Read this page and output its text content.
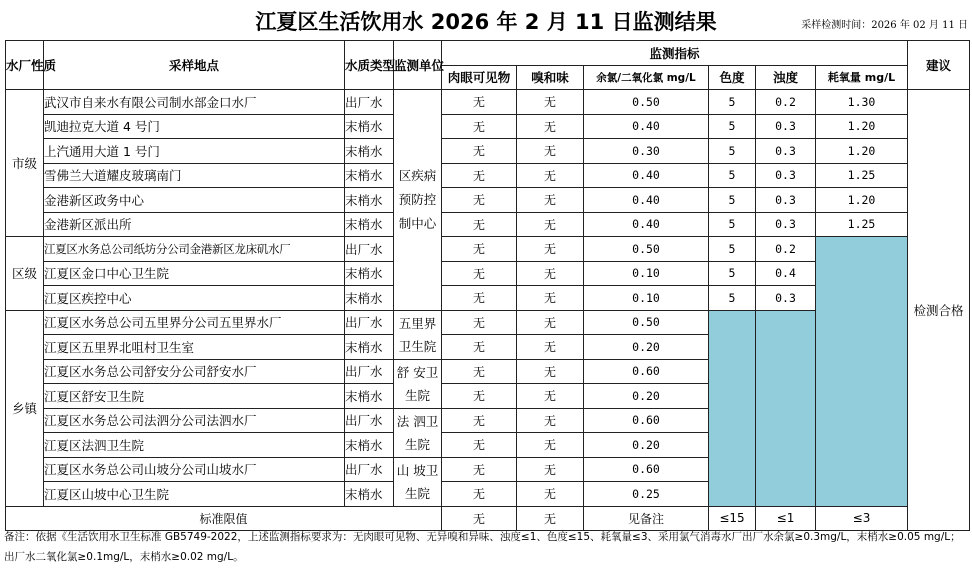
江夏区生活饮用水 2026 年 2 月 11 日监测结果	采样检测时间：2026 年 02 月 11 日
水厂性质	采样地点	水质类型	监测单位	监测指标						建议
				肉眼可见物	嗅和味	余氯/二氧化氯 mg/L	色度	浊度	耗氧量 mg/L	
市级	武汉市自来水有限公司制水部金口水厂	出厂水	区疾病预防控制中心	无	无	0.50	5	0.2	1.30	检测合格
	凯迪拉克大道 4 号门	末梢水		无	无	0.40	5	0.3	1.20	
	上汽通用大道 1 号门	末梢水		无	无	0.30	5	0.3	1.20	
	雪佛兰大道耀皮玻璃南门	末梢水		无	无	0.40	5	0.3	1.25	
	金港新区政务中心	末梢水		无	无	0.40	5	0.3	1.20	
	金港新区派出所	末梢水		无	无	0.40	5	0.3	1.25	
区级	江夏区水务总公司纸坊分公司金港新区龙床矶水厂	出厂水		无	无	0.50	5	0.2		
	江夏区金口中心卫生院	末梢水		无	无	0.10	5	0.4		
	江夏区疾控中心	末梢水		无	无	0.10	5	0.3		
乡镇	江夏区水务总公司五里界分公司五里界水厂	出厂水	五里界卫生院	无	无	0.50				
	江夏区五里界北咀村卫生室	末梢水		无	无	0.20				
	江夏区水务总公司舒安分公司舒安水厂	出厂水	舒 安卫生院	无	无	0.60				
	江夏区舒安卫生院	末梢水		无	无	0.20				
	江夏区水务总公司法泗分公司法泗水厂	出厂水	法 泗卫生院	无	无	0.60				
	江夏区法泗卫生院	末梢水		无	无	0.20				
	江夏区水务总公司山坡分公司山坡水厂	出厂水	山 坡卫生院	无	无	0.60				
	江夏区山坡中心卫生院	末梢水		无	无	0.25				
标准限值				无	无	见备注	≤15	≤1	≤3	
备注：依据《生活饮用水卫生标准 GB5749-2022，上述监测指标要求为：无肉眼可见物、无异嗅和异味、浊度≤1、色度≤15、耗氧量≤3、采用氯气消毒水厂出厂水余氯≥0.3mg/L，末梢水≥0.05 mg/L；出厂水二氧化氯≥0.1mg/L，末梢水≥0.02 mg/L。
